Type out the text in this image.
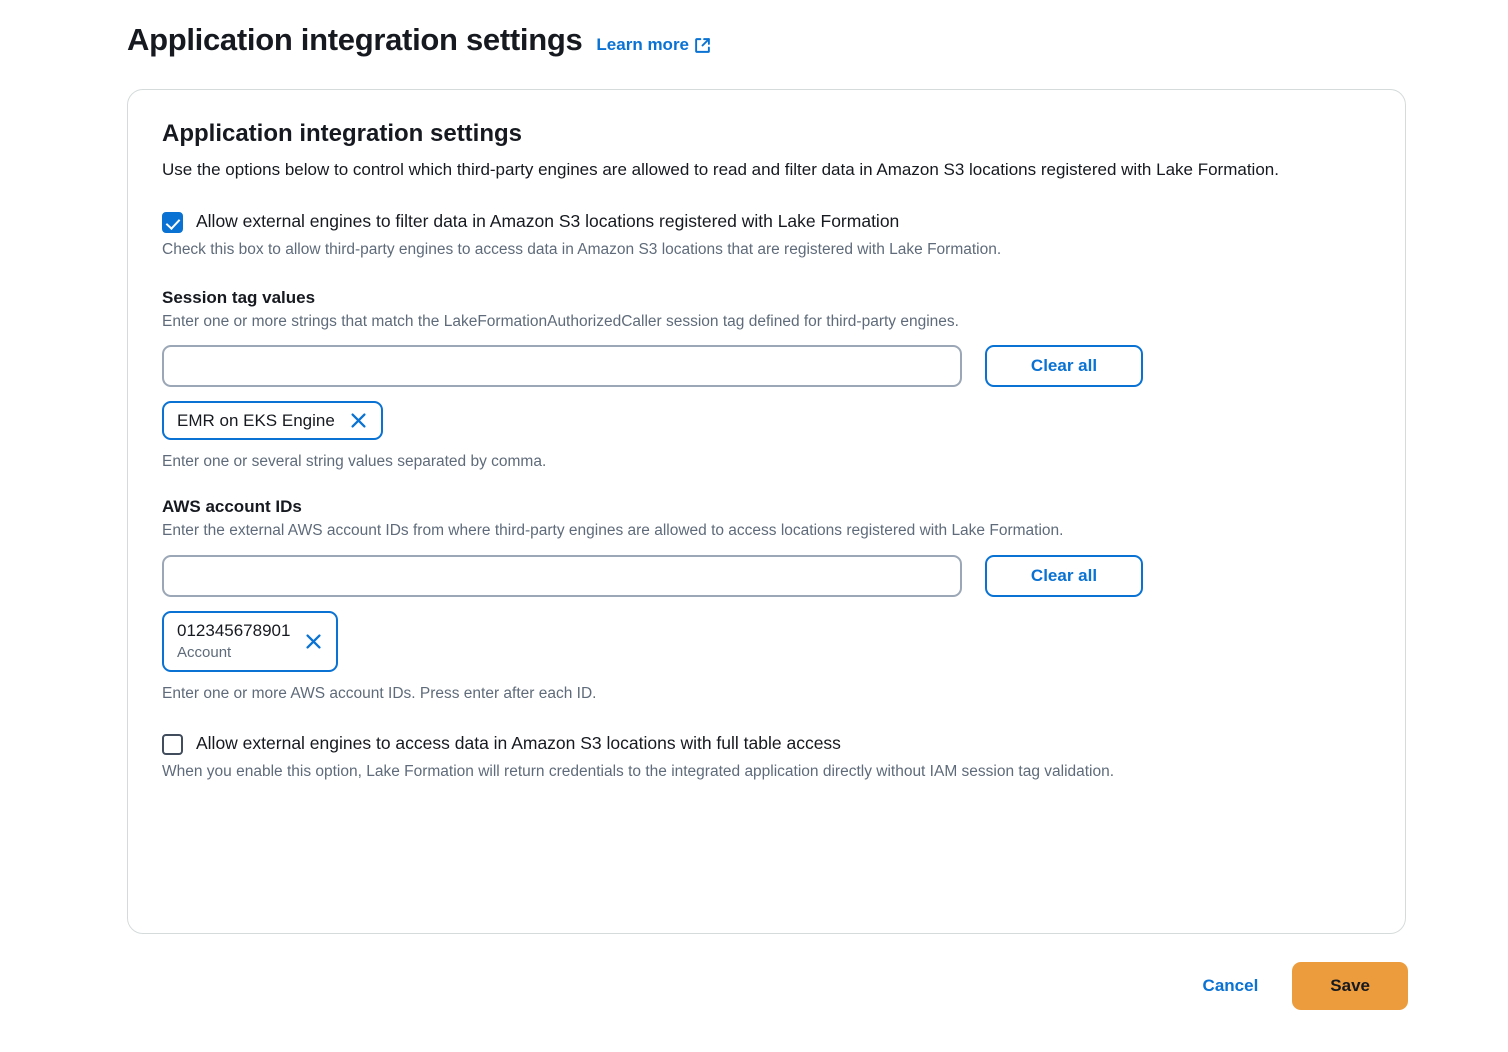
Application integration settings Learn more
Application integration settings

Use the options below to control which third-party engines are allowed to read and filter data in Amazon S3 locations registered with Lake Formation.

Allow external engines to filter data in Amazon S3 locations registered with Lake Formation

Check this box to allow third-party engines to access data in Amazon S3 locations that are registered with Lake Formation.

Session tag values
Enter one or more strings that match the LakeFormationAuthorizedCaller session tag defined for third-party engines.
Clear all
EMR on EKS Engine
Enter one or several string values separated by comma.
AWS account IDs
Enter the external AWS account IDs from where third-party engines are allowed to access locations registered with Lake Formation.
Clear all
012345678901
Account
Enter one or more AWS account IDs. Press enter after each ID.
Allow external engines to access data in Amazon S3 locations with full table access

When you enable this option, Lake Formation will return credentials to the integrated application directly without IAM session tag validation.

Cancel	Save
